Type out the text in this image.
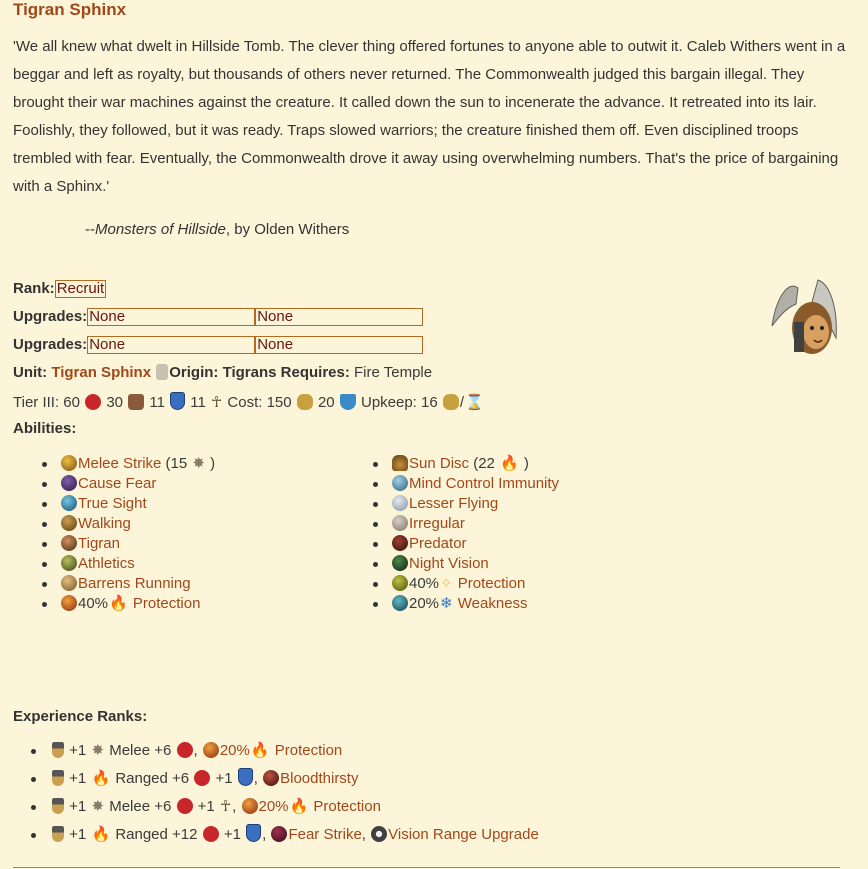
Tigran Sphinx

'We all knew what dwelt in Hillside Tomb. The clever thing offered fortunes to anyone able to outwit it. Caleb Withers went in a beggar and left as royalty, but thousands of others never returned. The Commonwealth judged this bargain illegal. They brought their war machines against the creature. It called down the sun to incenerate the advance. It retreated into its lair. Foolishly, they followed, but it was ready. Traps slowed warriors; the creature finished them off. Even disciplined troops trembled with fear. Eventually, the Commonwealth drove it away using overwhelming numbers. That's the price of bargaining with a Sphinx.'

--Monsters of Hillside, by Olden Withers
Rank: Recruit
Upgrades: None	None
Upgrades: None	None
Unit: Tigran Sphinx Origin: Tigrans Requires: Fire Temple
Tier III: 60 30 11 11 ☥ Cost: 150 20 Upkeep: 16 /⌛
Abilities:
Melee Strike (15 ✸ )
Cause Fear
True Sight
Walking
Tigran
Athletics
Barrens Running
40%🔥 Protection
Sun Disc (22 🔥 )
Mind Control Immunity
Lesser Flying
Irregular
Predator
Night Vision
40%✧ Protection
20%❄ Weakness
Experience Ranks:
+1 ✸ Melee +6 , 20%🔥 Protection
+1 🔥 Ranged +6 +1 , Bloodthirsty
+1 ✸ Melee +6 +1 ☥, 20%🔥 Protection
+1 🔥 Ranged +12 +1 , Fear Strike, Vision Range Upgrade
